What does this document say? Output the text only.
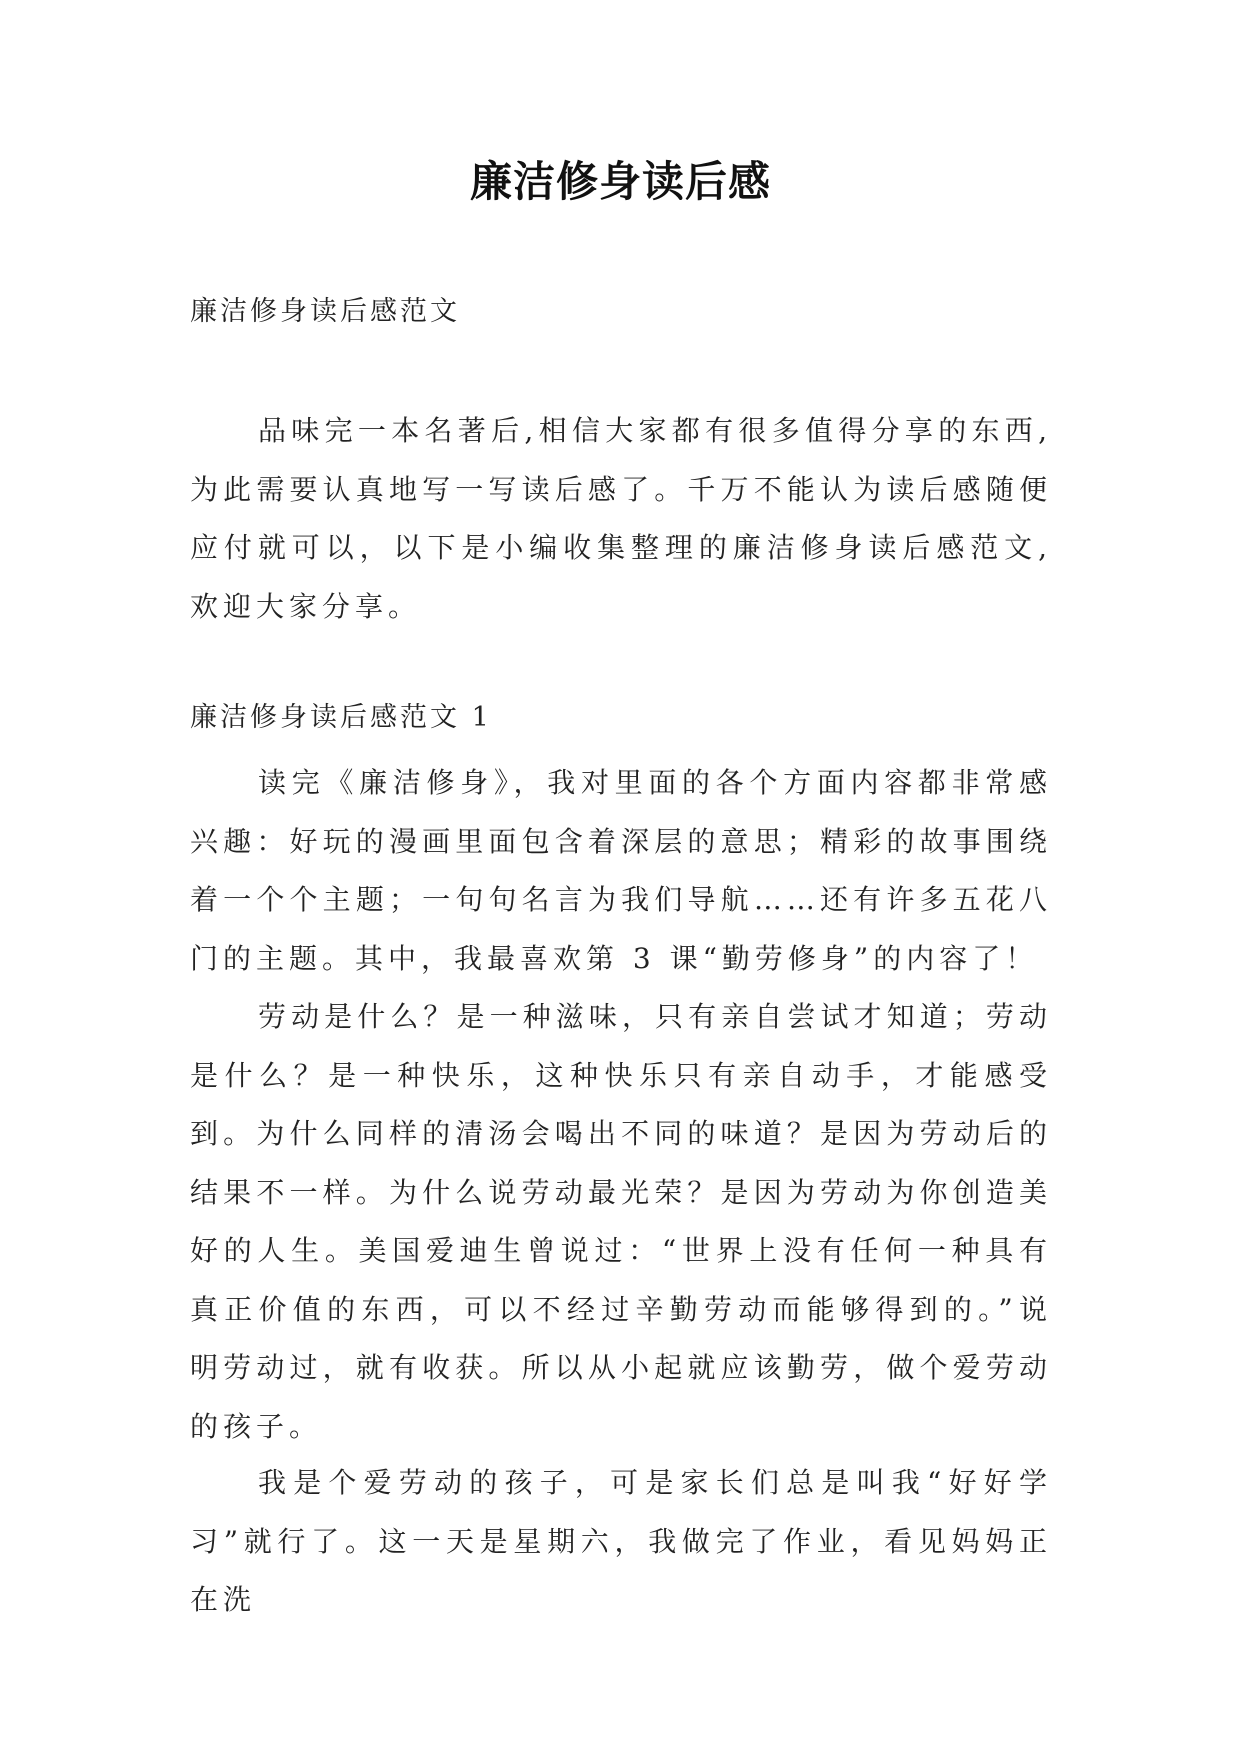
廉洁修身读后感
廉洁修身读后感范文

品味完一本名著后,相信大家都有很多值得分享的东西,为此需要认真地写一写读后感了。千万不能认为读后感随便应付就可以，以下是小编收集整理的廉洁修身读后感范文,欢迎大家分享。

廉洁修身读后感范文 1

读完《廉洁修身》，我对里面的各个方面内容都非常感兴趣：好玩的漫画里面包含着深层的意思；精彩的故事围绕着一个个主题；一句句名言为我们导航……还有许多五花八门的主题。其中，我最喜欢第 3 课“勤劳修身”的内容了！

劳动是什么？是一种滋味，只有亲自尝试才知道；劳动是什么？是一种快乐，这种快乐只有亲自动手，才能感受到。为什么同样的清汤会喝出不同的味道？是因为劳动后的结果不一样。为什么说劳动最光荣？是因为劳动为你创造美好的人生。美国爱迪生曾说过：“世界上没有任何一种具有真正价值的东西，可以不经过辛勤劳动而能够得到的。”说明劳动过，就有收获。所以从小起就应该勤劳，做个爱劳动的孩子。

我是个爱劳动的孩子，可是家长们总是叫我“好好学习”就行了。这一天是星期六，我做完了作业，看见妈妈正在洗
